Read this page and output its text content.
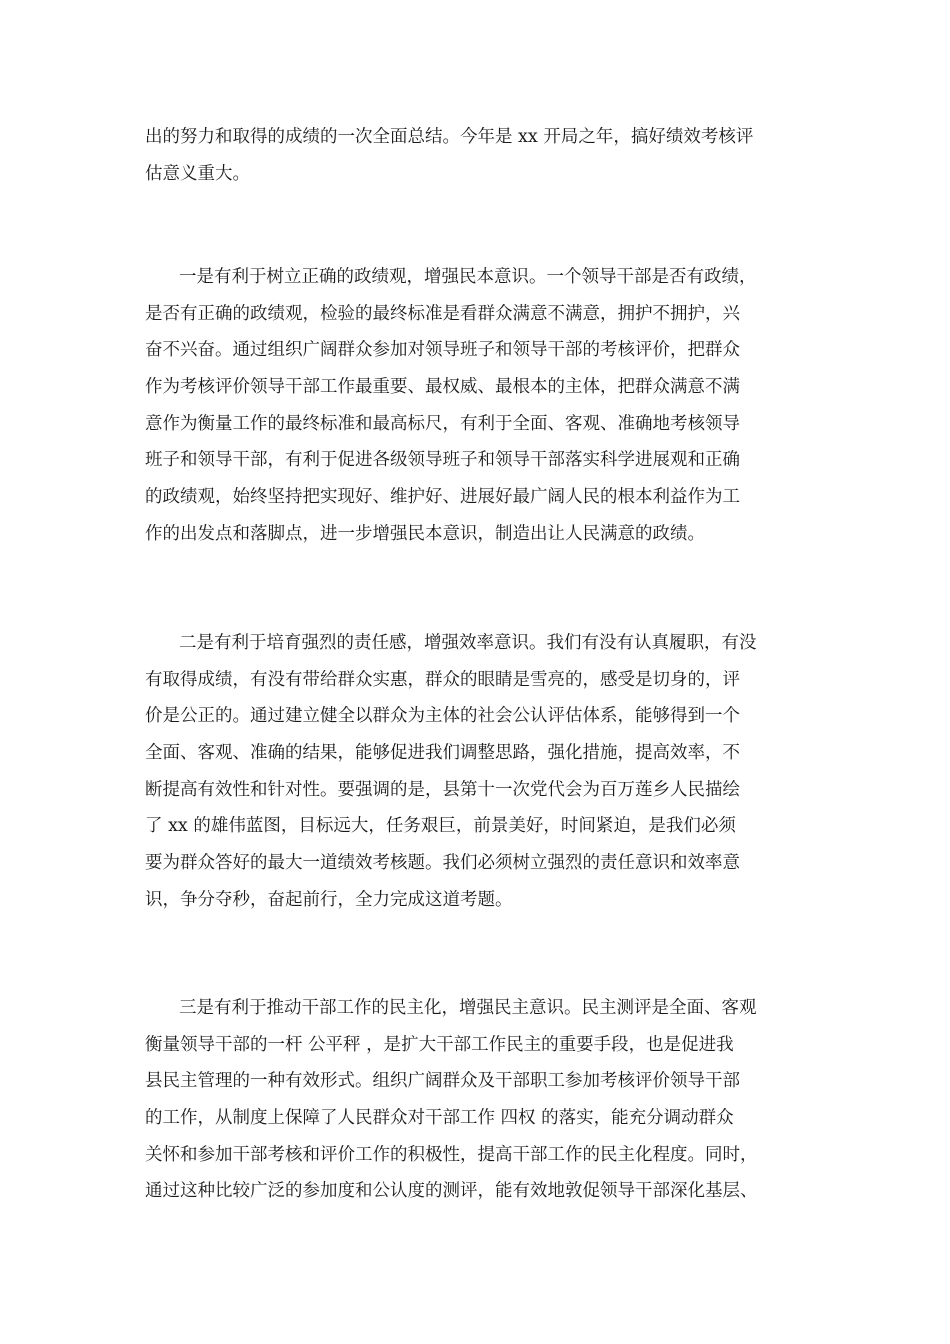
出的努力和取得的成绩的一次全面总结。今年是 xx 开局之年，搞好绩效考核评
估意义重大。
一是有利于树立正确的政绩观，增强民本意识。一个领导干部是否有政绩，
是否有正确的政绩观，检验的最终标准是看群众满意不满意，拥护不拥护，兴
奋不兴奋。通过组织广阔群众参加对领导班子和领导干部的考核评价，把群众
作为考核评价领导干部工作最重要、最权威、最根本的主体，把群众满意不满
意作为衡量工作的最终标准和最高标尺，有利于全面、客观、准确地考核领导
班子和领导干部，有利于促进各级领导班子和领导干部落实科学进展观和正确
的政绩观，始终坚持把实现好、维护好、进展好最广阔人民的根本利益作为工
作的出发点和落脚点，进一步增强民本意识，制造出让人民满意的政绩。
二是有利于培育强烈的责任感，增强效率意识。我们有没有认真履职，有没
有取得成绩，有没有带给群众实惠，群众的眼睛是雪亮的，感受是切身的，评
价是公正的。通过建立健全以群众为主体的社会公认评估体系，能够得到一个
全面、客观、准确的结果，能够促进我们调整思路，强化措施，提高效率，不
断提高有效性和针对性。要强调的是，县第十一次党代会为百万莲乡人民描绘
了 xx 的雄伟蓝图，目标远大，任务艰巨，前景美好，时间紧迫，是我们必须
要为群众答好的最大一道绩效考核题。我们必须树立强烈的责任意识和效率意
识，争分夺秒，奋起前行，全力完成这道考题。
三是有利于推动干部工作的民主化，增强民主意识。民主测评是全面、客观
衡量领导干部的一杆 公平秤 ，是扩大干部工作民主的重要手段，也是促进我
县民主管理的一种有效形式。组织广阔群众及干部职工参加考核评价领导干部
的工作，从制度上保障了人民群众对干部工作 四权 的落实，能充分调动群众
关怀和参加干部考核和评价工作的积极性，提高干部工作的民主化程度。同时，
通过这种比较广泛的参加度和公认度的测评，能有效地敦促领导干部深化基层、
